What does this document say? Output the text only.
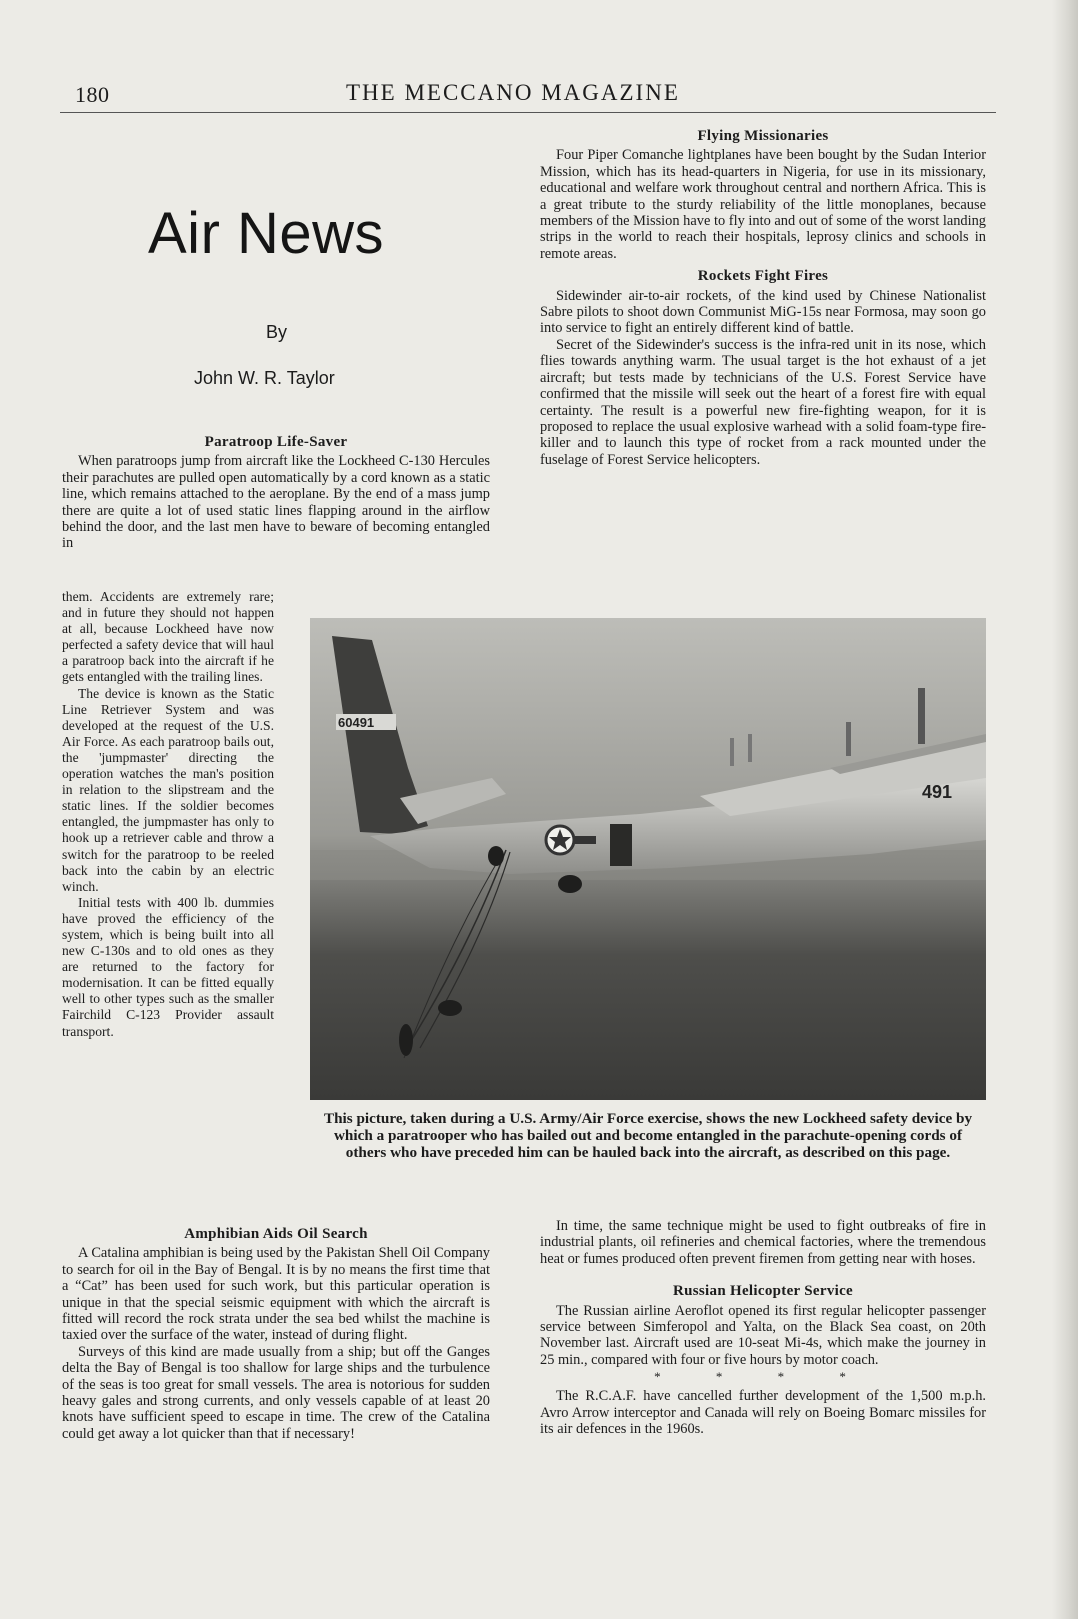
180	THE MECCANO MAGAZINE
Air News
By
John W. R. Taylor
Paratroop Life-Saver

When paratroops jump from aircraft like the Lockheed C-130 Hercules their parachutes are pulled open automatically by a cord known as a static line, which remains attached to the aeroplane. By the end of a mass jump there are quite a lot of used static lines flapping around in the airflow behind the door, and the last men have to beware of becoming entangled in

them. Accidents are extremely rare; and in future they should not happen at all, because Lockheed have now perfected a safety device that will haul a paratroop back into the aircraft if he gets entangled with the trailing lines.

The device is known as the Static Line Retriever System and was developed at the request of the U.S. Air Force. As each paratroop bails out, the 'jumpmaster' directing the operation watches the man's position in relation to the slipstream and the static lines. If the soldier becomes entangled, the jumpmaster has only to hook up a retriever cable and throw a switch for the paratroop to be reeled back into the cabin by an electric winch.

Initial tests with 400 lb. dummies have proved the efficiency of the system, which is being built into all new C-130s and to old ones as they are returned to the factory for modernisation. It can be fitted equally well to other types such as the smaller Fairchild C-123 Provider assault transport.

Amphibian Aids Oil Search

A Catalina amphibian is being used by the Pakistan Shell Oil Company to search for oil in the Bay of Bengal. It is by no means the first time that a “Cat” has been used for such work, but this particular operation is unique in that the special seismic equipment with which the aircraft is fitted will record the rock strata under the sea bed whilst the machine is taxied over the surface of the water, instead of during flight.

Surveys of this kind are made usually from a ship; but off the Ganges delta the Bay of Bengal is too shallow for large ships and the turbulence of the seas is too great for small vessels. The area is notorious for sudden heavy gales and strong currents, and only vessels capable of at least 20 knots have sufficient speed to escape in time. The crew of the Catalina could get away a lot quicker than that if necessary!

Flying Missionaries

Four Piper Comanche lightplanes have been bought by the Sudan Interior Mission, which has its head-quarters in Nigeria, for use in its missionary, educational and welfare work throughout central and northern Africa. This is a great tribute to the sturdy reliability of the little monoplanes, because members of the Mission have to fly into and out of some of the worst landing strips in the world to reach their hospitals, leprosy clinics and schools in remote areas.

Rockets Fight Fires

Sidewinder air-to-air rockets, of the kind used by Chinese Nationalist Sabre pilots to shoot down Communist MiG-15s near Formosa, may soon go into service to fight an entirely different kind of battle.

Secret of the Sidewinder's success is the infra-red unit in its nose, which flies towards anything warm. The usual target is the hot exhaust of a jet aircraft; but tests made by technicians of the U.S. Forest Service have confirmed that the missile will seek out the heart of a forest fire with equal certainty. The result is a powerful new fire-fighting weapon, for it is proposed to replace the usual explosive warhead with a solid foam-type fire-killer and to launch this type of rocket from a rack mounted under the fuselage of Forest Service helicopters.

60491
491
This picture, taken during a U.S. Army/Air Force exercise, shows the new Lockheed safety device by which a paratrooper who has bailed out and become entangled in the parachute-opening cords of others who have preceded him can be hauled back into the aircraft, as described on this page.

In time, the same technique might be used to fight outbreaks of fire in industrial plants, oil refineries and chemical factories, where the tremendous heat or fumes produced often prevent firemen from getting near with hoses.

Russian Helicopter Service

The Russian airline Aeroflot opened its first regular helicopter passenger service between Simferopol and Yalta, on the Black Sea coast, on 20th November last. Aircraft used are 10-seat Mi-4s, which make the journey in 25 min., compared with four or five hours by motor coach.

* * * *

The R.C.A.F. have cancelled further development of the 1,500 m.p.h. Avro Arrow interceptor and Canada will rely on Boeing Bomarc missiles for its air defences in the 1960s.
